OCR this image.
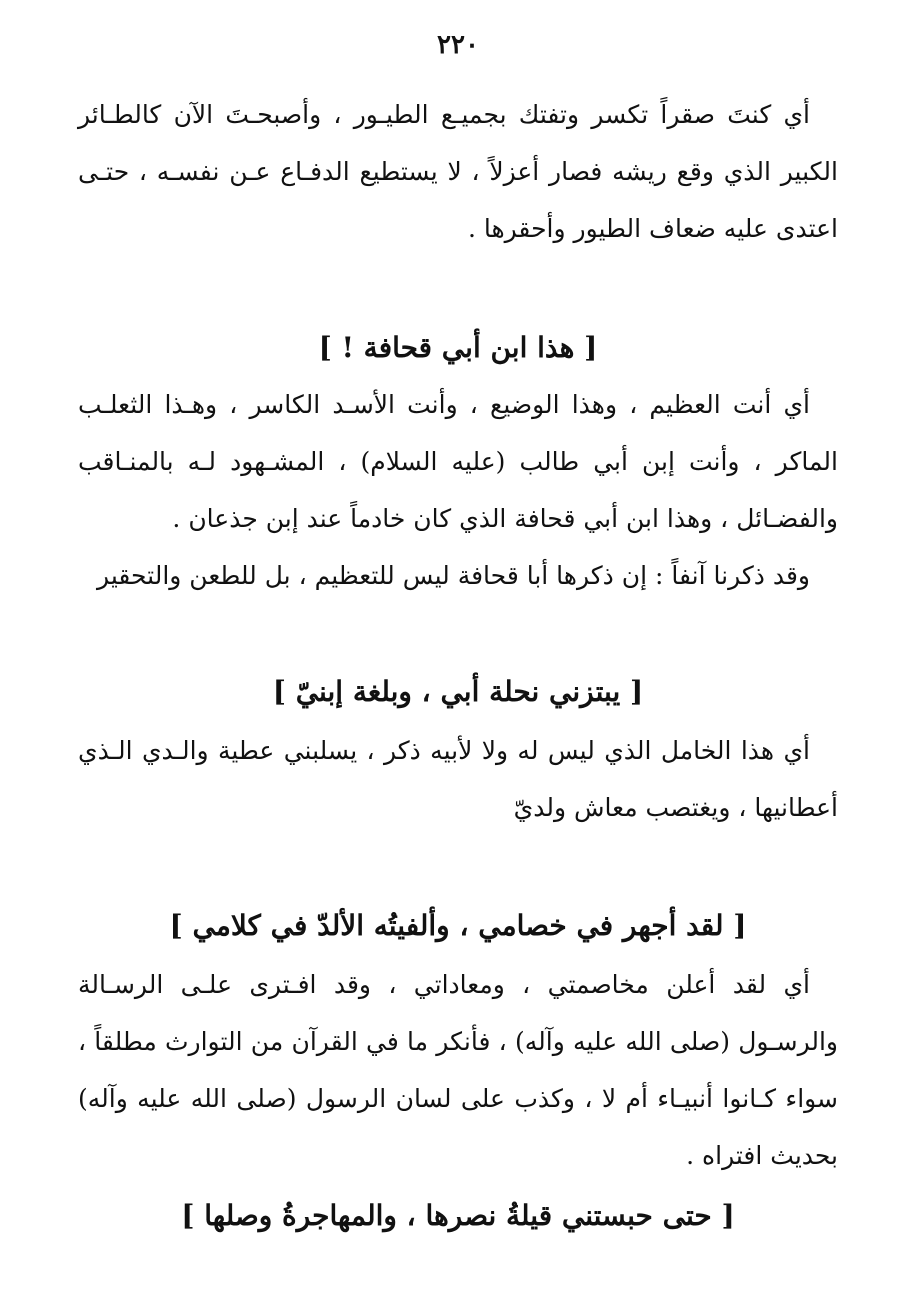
٢٢٠

أي كنتَ صقراً تكسر وتفتك بجميـع الطيـور ، وأصبحـتَ الآن كالطـائر الكبير الذي وقع ريشه فصار أعزلاً ، لا يستطيع الدفـاع عـن نفسـه ، حتـى اعتدى عليه ضعاف الطيور وأحقرها .

[ هذا ابن أبي قحافة ! ]

أي أنت العظيم ، وهذا الوضيع ، وأنت الأسـد الكاسر ، وهـذا الثعلـب الماكر ، وأنت إبن أبي طالب (عليه السلام) ، المشـهود لـه بالمنـاقب والفضـائل ، وهذا ابن أبي قحافة الذي كان خادماً عند إبن جذعان .

وقد ذكرنا آنفاً : إن ذكرها أبا قحافة ليس للتعظيم ، بل للطعن والتحقير

[ يبتزني نحلة أبي ، وبلغة إبنيّ ]

أي هذا الخامل الذي ليس له ولا لأبيه ذكر ، يسلبني عطية والـدي الـذي أعطانيها ، ويغتصب معاش ولديّ

[ لقد أجهر في خصامي ، وألفيتُه الألدّ في كلامي ]

أي لقد أعلن مخاصمتي ، ومعاداتي ، وقد افـترى علـى الرسـالة والرسـول (صلى الله عليه وآله) ، فأنكر ما في القرآن من التوارث مطلقاً ، سواء كـانوا أنبيـاء أم لا ، وكذب على لسان الرسول (صلى الله عليه وآله) بحديث افتراه .

[ حتى حبستني قيلةُ نصرها ، والمهاجرةُ وصلها ]
